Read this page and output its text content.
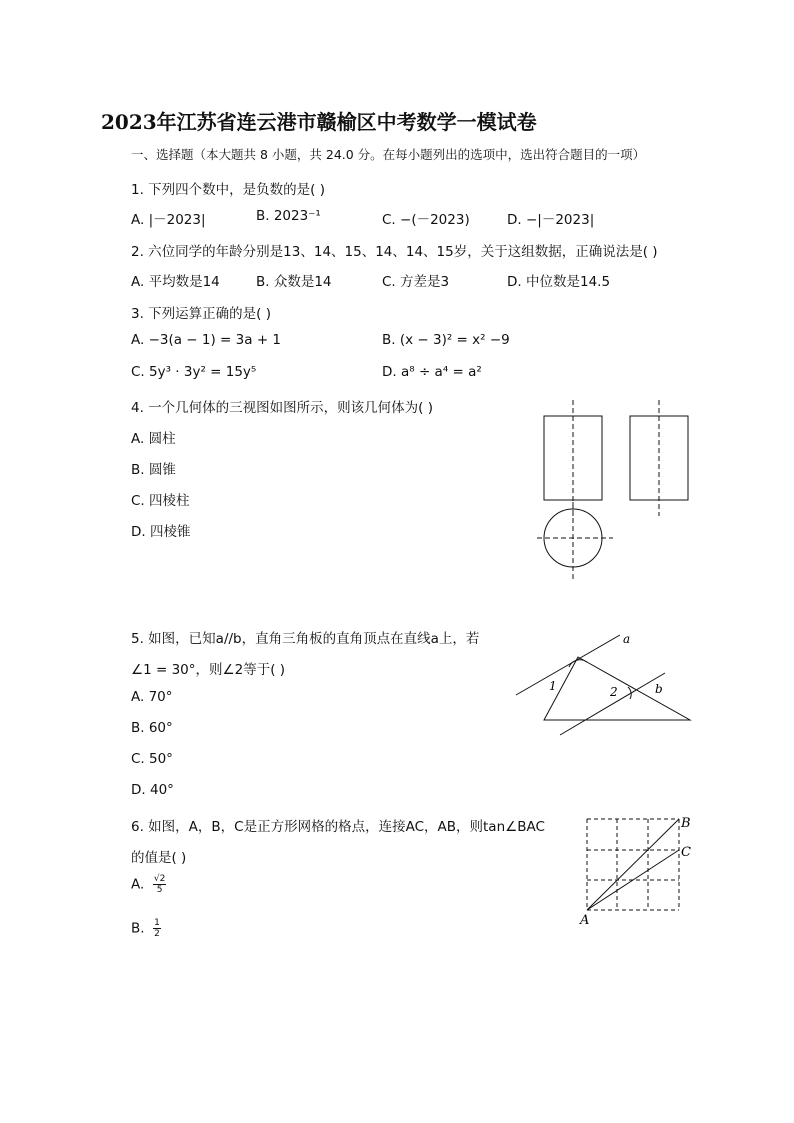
2023年江苏省连云港市赣榆区中考数学一模试卷
一、选择题（本大题共 8 小题，共 24.0 分。在每小题列出的选项中，选出符合题目的一项）
1. 下列四个数中，是负数的是( )
A. |－2023|	B. 2023⁻¹	C. −(－2023)	D. −|－2023|
2. 六位同学的年龄分别是13、14、15、14、14、15岁，关于这组数据，正确说法是( )
A. 平均数是14	B. 众数是14	C. 方差是3	D. 中位数是14.5
3. 下列运算正确的是( )
A. −3(a − 1) = 3a + 1	B. (x − 3)² = x² −9
C. 5y³ · 3y² = 15y⁵	D. a⁸ ÷ a⁴ = a²
4. 一个几何体的三视图如图所示，则该几何体为( )
A. 圆柱
B. 圆锥
C. 四棱柱
D. 四棱锥
5. 如图，已知a//b，直角三角板的直角顶点在直线a上，若
∠1 = 30°，则∠2等于( )
A. 70°
B. 60°
C. 50°
D. 40°
a
b
1	2
6. 如图，A，B，C是正方形网格的格点，连接AC，AB，则tan∠BAC
的值是( )
A. $\frac{√2}{5}$
B. $\frac{1}{2}$
B
C
A
